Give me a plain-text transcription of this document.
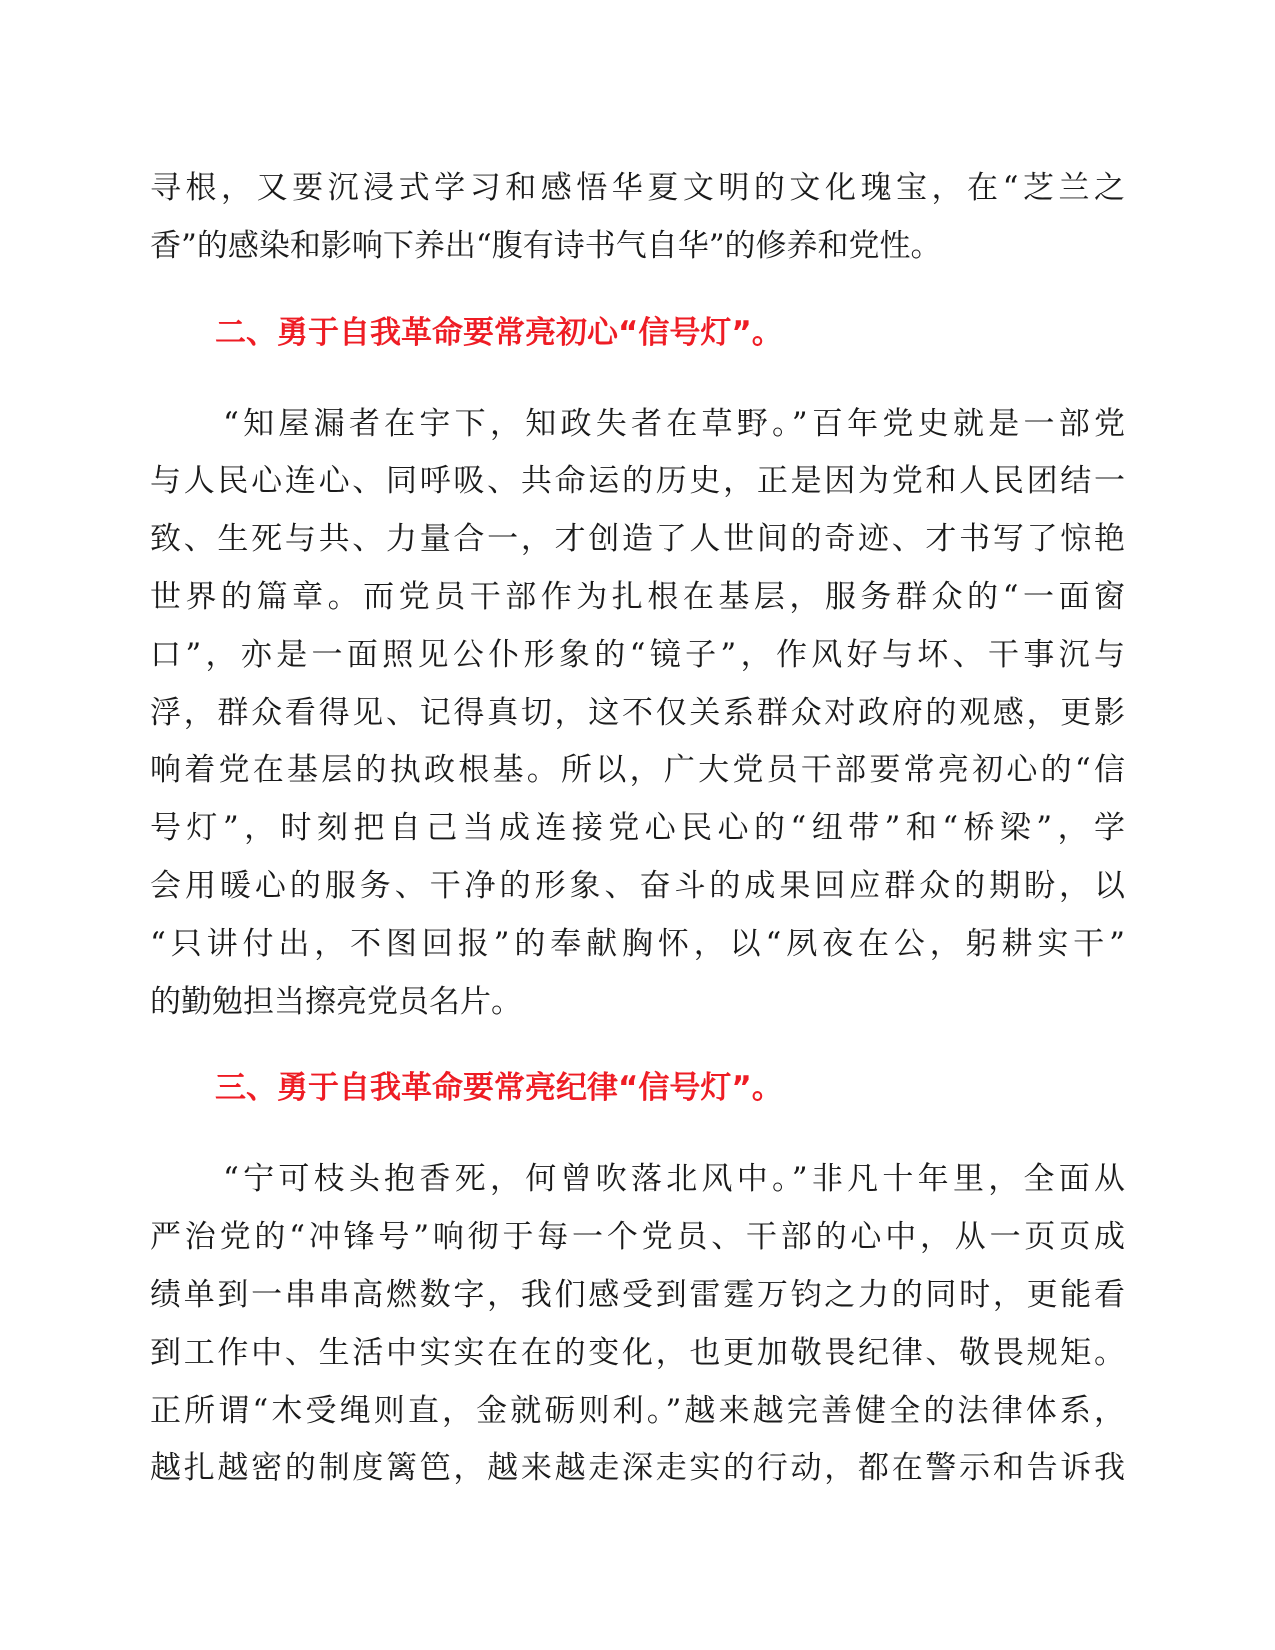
寻根，又要沉浸式学习和感悟华夏文明的文化瑰宝，在“芝兰之
香”的感染和影响下养出“腹有诗书气自华”的修养和党性。
二、勇于自我革命要常亮初心“信号灯”。
“知屋漏者在宇下，知政失者在草野。”百年党史就是一部党
与人民心连心、同呼吸、共命运的历史，正是因为党和人民团结一
致、生死与共、力量合一，才创造了人世间的奇迹、才书写了惊艳
世界的篇章。而党员干部作为扎根在基层，服务群众的“一面窗
口”，亦是一面照见公仆形象的“镜子”，作风好与坏、干事沉与
浮，群众看得见、记得真切，这不仅关系群众对政府的观感，更影
响着党在基层的执政根基。所以，广大党员干部要常亮初心的“信
号灯”，时刻把自己当成连接党心民心的“纽带”和“桥梁”，学
会用暖心的服务、干净的形象、奋斗的成果回应群众的期盼，以
“只讲付出，不图回报”的奉献胸怀，以“夙夜在公，躬耕实干”
的勤勉担当擦亮党员名片。
三、勇于自我革命要常亮纪律“信号灯”。
“宁可枝头抱香死，何曾吹落北风中。”非凡十年里，全面从
严治党的“冲锋号”响彻于每一个党员、干部的心中，从一页页成
绩单到一串串高燃数字，我们感受到雷霆万钧之力的同时，更能看
到工作中、生活中实实在在的变化，也更加敬畏纪律、敬畏规矩。
正所谓“木受绳则直，金就砺则利。”越来越完善健全的法律体系，
越扎越密的制度篱笆，越来越走深走实的行动，都在警示和告诉我
